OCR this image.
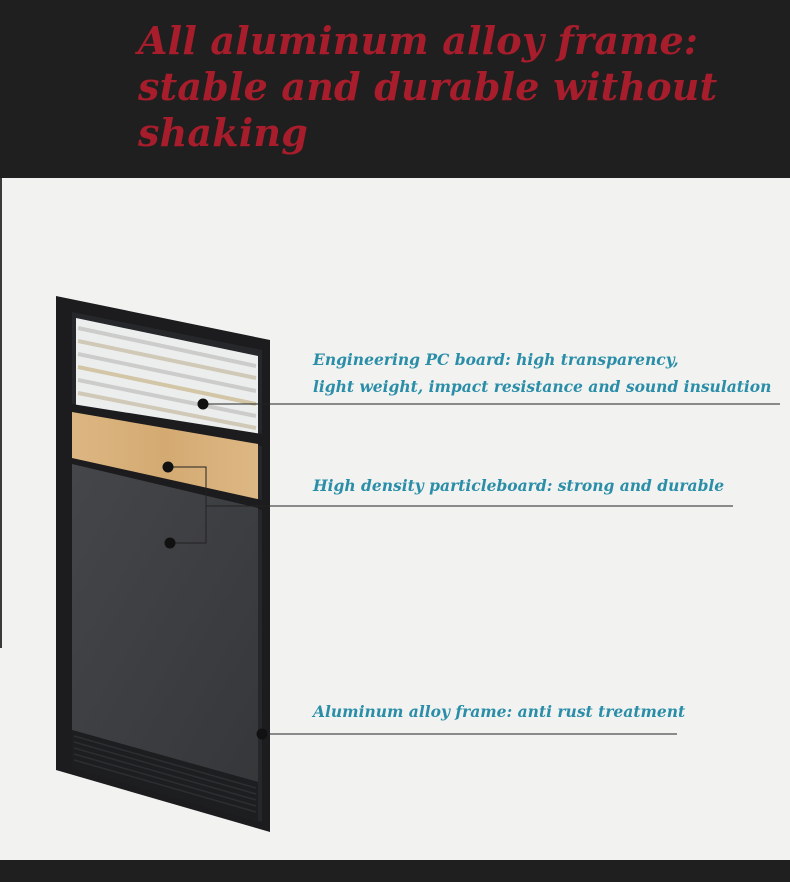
All aluminum alloy frame:
stable and durable without
shaking

Engineering PC board: high transparency,
light weight, impact resistance and sound insulation

High density particleboard: strong and durable

Aluminum alloy frame: anti rust treatment
